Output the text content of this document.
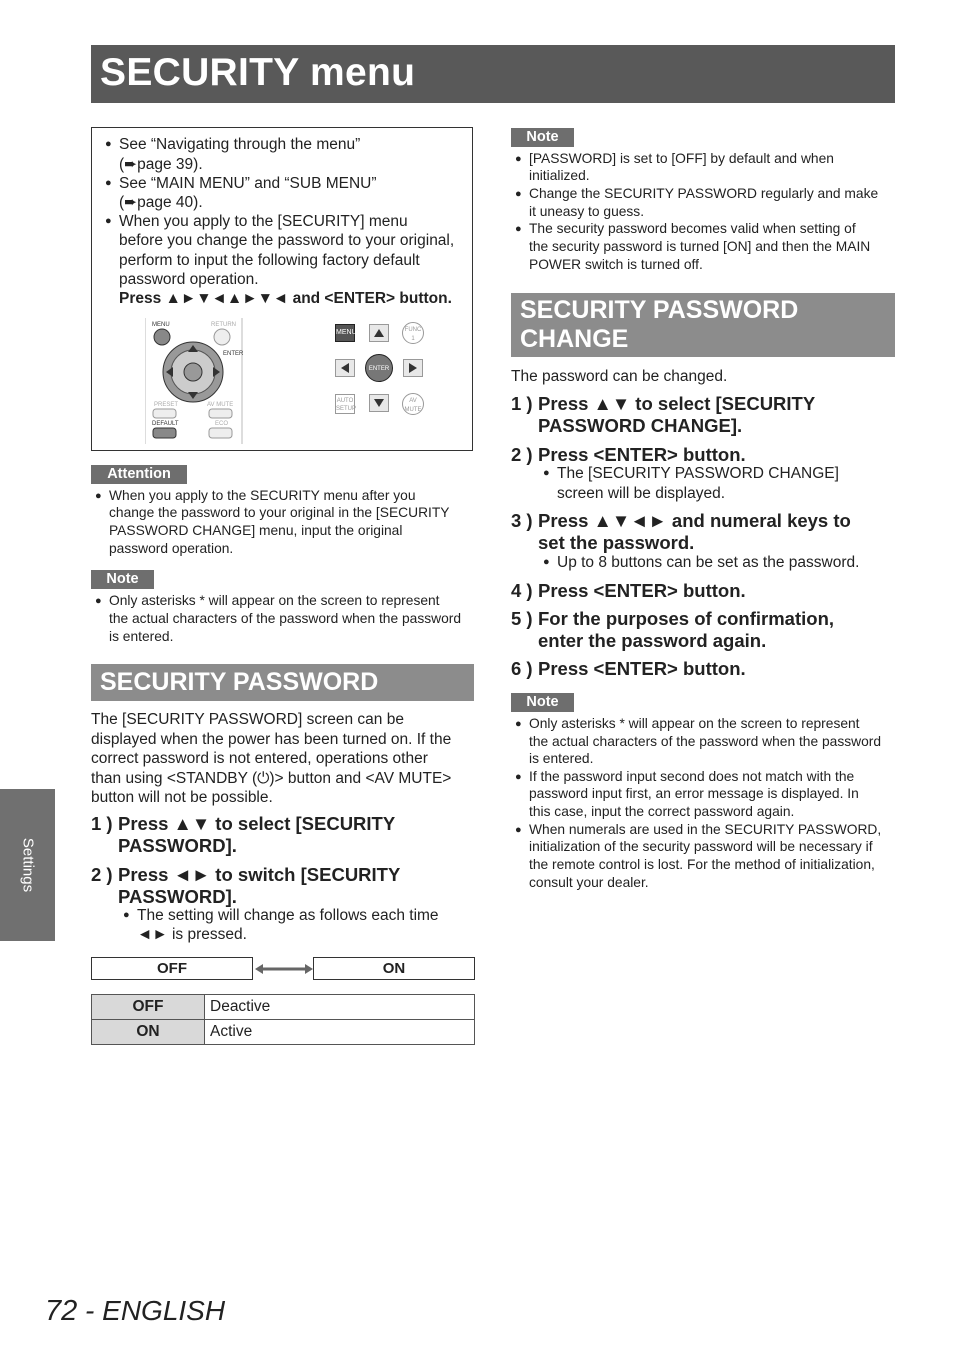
SECURITY menu
Settings
● See “Navigating through the menu”
(➨page 39).
● See “MAIN MENU” and “SUB MENU”
(➨page 40).
● When you apply to the [SECURITY] menu
before you change the password to your original,
perform to input the following factory default
password operation.
Press ▲►▼◄▲►▼◄ and <ENTER> button.
MENU	RETURN
ENTER
PRESET	AV MUTE
DEFAULT	ECO
MENU	FUNC 1
ENTER
AUTO SETUP
AV MUTE
Attention
● When you apply to the SECURITY menu after you
change the password to your original in the [SECURITY
PASSWORD CHANGE] menu, input the original
password operation.
Note
● Only asterisks * will appear on the screen to represent
the actual characters of the password when the password
is entered.
SECURITY PASSWORD
The [SECURITY PASSWORD] screen can be
displayed when the power has been turned on. If the
correct password is not entered, operations other
than using <STANDBY (⏻)> button and <AV MUTE>
button will not be possible.
1 ) Press ▲▼ to select [SECURITY
PASSWORD].
2 ) Press ◄► to switch [SECURITY
PASSWORD].
● The setting will change as follows each time
◄► is pressed.
OFF	ON
OFF	Deactive
ON	Active
Note
● [PASSWORD] is set to [OFF] by default and when
initialized.
● Change the SECURITY PASSWORD regularly and make
it uneasy to guess.
● The security password becomes valid when setting of
the security password is turned [ON] and then the MAIN
POWER switch is turned off.
SECURITY PASSWORD
CHANGE
The password can be changed.
1 ) Press ▲▼ to select [SECURITY
PASSWORD CHANGE].
2 ) Press <ENTER> button.
● The [SECURITY PASSWORD CHANGE]
screen will be displayed.
3 ) Press ▲▼◄► and numeral keys to
set the password.
● Up to 8 buttons can be set as the password.
4 ) Press <ENTER> button.
5 ) For the purposes of confirmation,
enter the password again.
6 ) Press <ENTER> button.
Note
● Only asterisks * will appear on the screen to represent
the actual characters of the password when the password
is entered.
● If the password input second does not match with the
password input first, an error message is displayed. In
this case, input the correct password again.
● When numerals are used in the SECURITY PASSWORD,
initialization of the security password will be necessary if
the remote control is lost. For the method of initialization,
consult your dealer.
72 - ENGLISH
